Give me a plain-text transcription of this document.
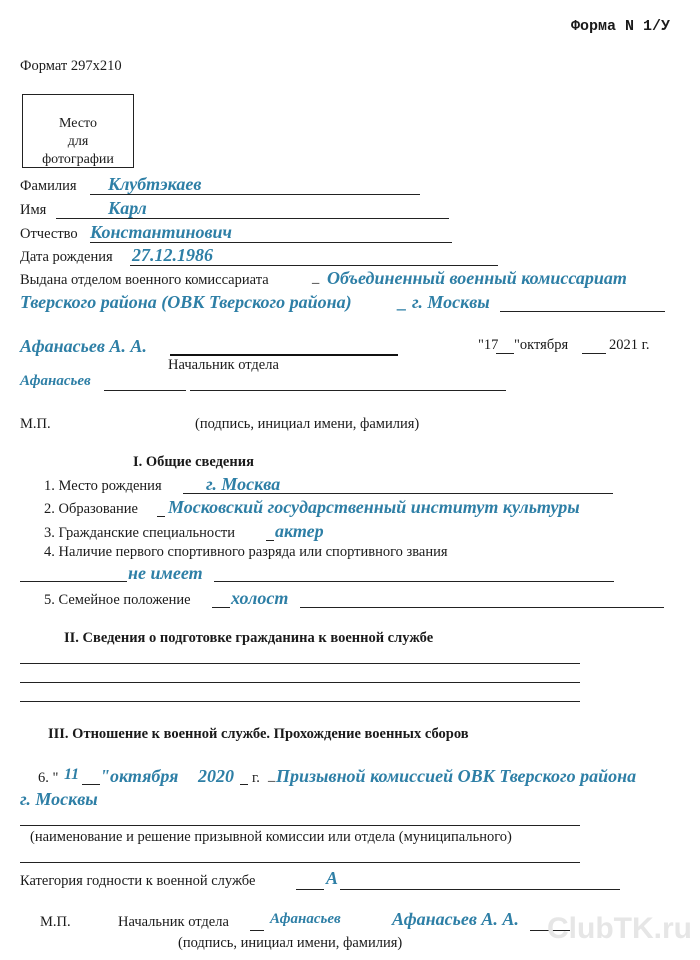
Форма N 1/У
Формат 297x210
Место
для
фотографии
Фамилия Клубтэкаев
Имя	Карл
Отчество Константинович
Дата рождения 27.12.1986
Выдана отделом военного комиссариата	_ Объединенный военный комиссариат
Тверского района (ОВК Тверского района)	_ г. Москвы
Афанасьев А. А.
Начальник отдела
"17 "октября	2021 г.
Афанасьев
М.П.	(подпись, инициал имени, фамилия)
I. Общие сведения
1. Место рождения г. Москва
2. Образование Московский государственный институт культуры
3. Гражданские специальности актер
4. Наличие первого спортивного разряда или спортивного звания
не имеет
5. Семейное положение холост
II. Сведения о подготовке гражданина к военной службе
III. Отношение к военной службе. Прохождение военных сборов
6. " 11 "октября 2020 г. _ Призывной комиссией ОВК Тверского района
г. Москвы
(наименование и решение призывной комиссии или отдела (муниципального)
Категория годности к военной службе	А
М.П.	Начальник отдела	Афанасьев	Афанасьев А. А.
(подпись, инициал имени, фамилия)	ClubTK.ru
